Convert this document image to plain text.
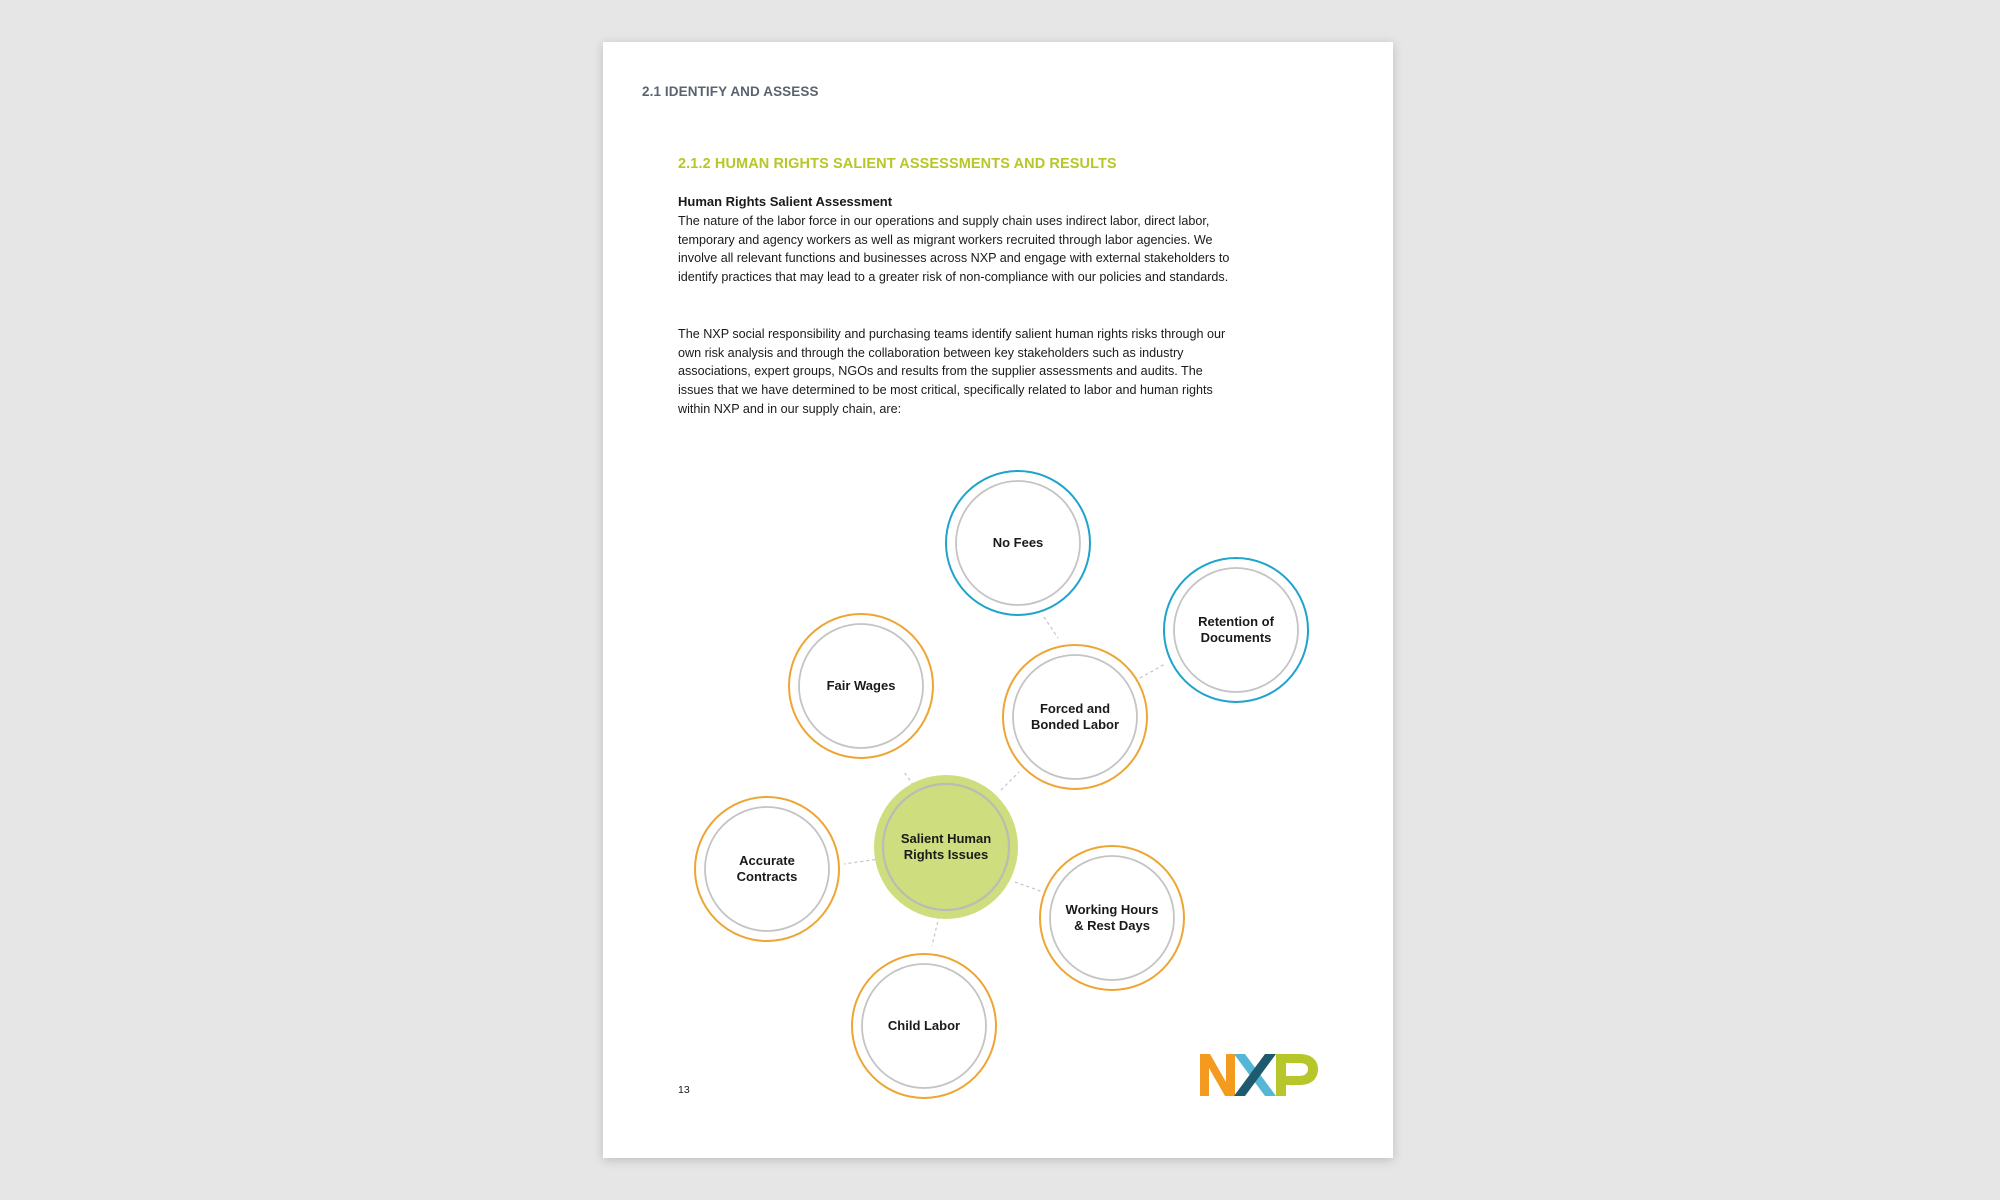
2.1 IDENTIFY AND ASSESS
2.1.2 HUMAN RIGHTS SALIENT ASSESSMENTS AND RESULTS
Human Rights Salient Assessment

The nature of the labor force in our operations and supply chain uses indirect labor, direct labor, temporary and agency workers as well as migrant workers recruited through labor agencies. We involve all relevant functions and businesses across NXP and engage with external stakeholders to identify practices that may lead to a greater risk of non-compliance with our policies and standards.

The NXP social responsibility and purchasing teams identify salient human rights risks through our own risk analysis and through the collaboration between key stakeholders such as industry associations, expert groups, NGOs and results from the supplier assessments and audits. The issues that we have determined to be most critical, specifically related to labor and human rights within NXP and in our supply chain, are:

Salient Human
Rights Issues
No Fees
Retention of
Documents
Forced and
Bonded Labor
Fair Wages
Accurate
Contracts
Working Hours
& Rest Days
Child Labor
13
